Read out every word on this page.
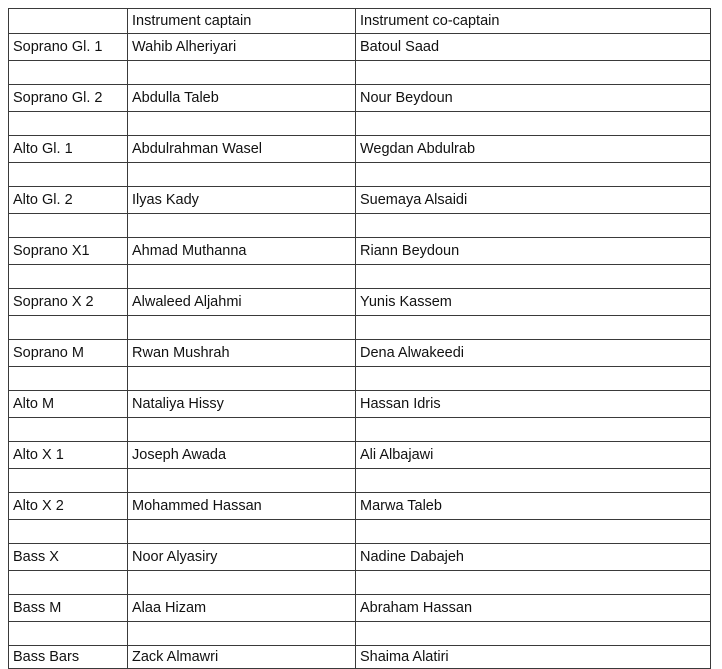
	Instrument captain	Instrument co-captain
Soprano Gl. 1	Wahib Alheriyari	Batoul Saad

Soprano Gl. 2	Abdulla Taleb	Nour Beydoun

Alto Gl. 1	Abdulrahman Wasel	Wegdan Abdulrab

Alto Gl. 2	Ilyas Kady	Suemaya Alsaidi

Soprano X1	Ahmad Muthanna	Riann Beydoun

Soprano X 2	Alwaleed Aljahmi	Yunis Kassem

Soprano M	Rwan Mushrah	Dena Alwakeedi

Alto M	Nataliya Hissy	Hassan Idris

Alto X 1	Joseph Awada	Ali Albajawi

Alto X 2	Mohammed Hassan	Marwa Taleb

Bass X	Noor Alyasiry	Nadine Dabajeh

Bass M	Alaa Hizam	Abraham Hassan

Bass Bars	Zack Almawri	Shaima Alatiri
